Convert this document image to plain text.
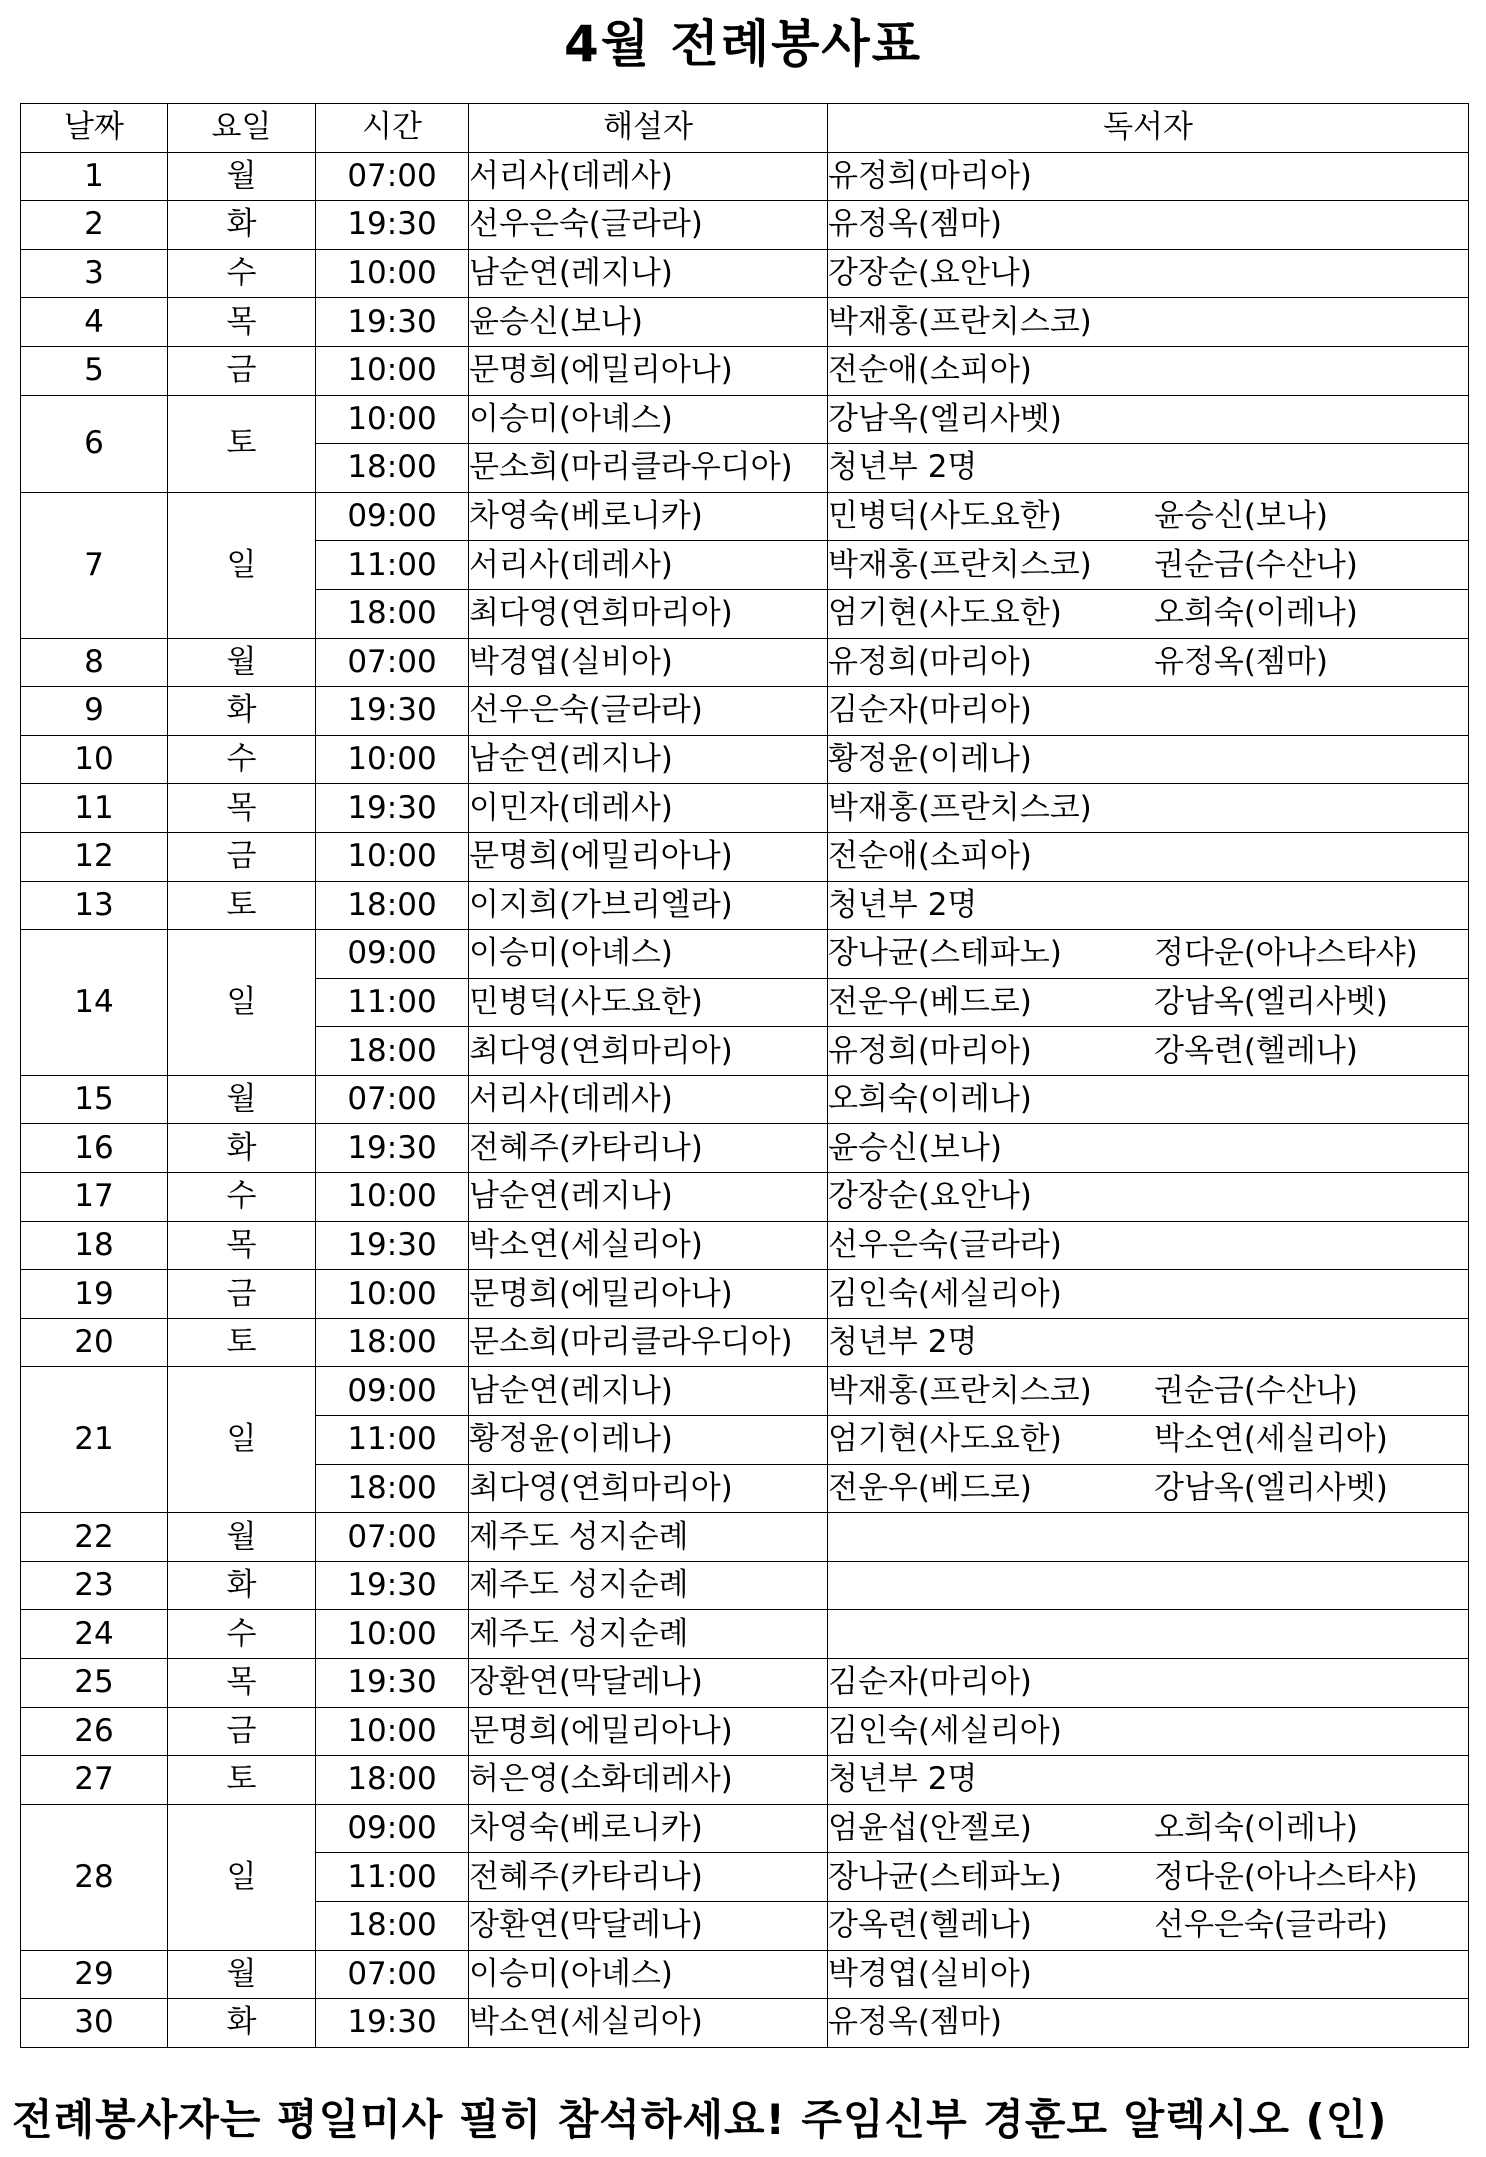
4월 전례봉사표
날짜	요일	시간	해설자	독서자
1	월	07:00	서리사(데레사)	유정희(마리아)
2	화	19:30	선우은숙(글라라)	유정옥(젬마)
3	수	10:00	남순연(레지나)	강장순(요안나)
4	목	19:30	윤승신(보나)	박재홍(프란치스코)
5	금	10:00	문명희(에밀리아나)	전순애(소피아)
6	토	10:00	이승미(아녜스)	강남옥(엘리사벳)
		18:00	문소희(마리클라우디아)	청년부 2명
7	일	09:00	차영숙(베로니카)	민병덕(사도요한) 윤승신(보나)
		11:00	서리사(데레사)	박재홍(프란치스코) 권순금(수산나)
		18:00	최다영(연희마리아)	엄기현(사도요한) 오희숙(이레나)
8	월	07:00	박경엽(실비아)	유정희(마리아) 유정옥(젬마)
9	화	19:30	선우은숙(글라라)	김순자(마리아)
10	수	10:00	남순연(레지나)	황정윤(이레나)
11	목	19:30	이민자(데레사)	박재홍(프란치스코)
12	금	10:00	문명희(에밀리아나)	전순애(소피아)
13	토	18:00	이지희(가브리엘라)	청년부 2명
14	일	09:00	이승미(아녜스)	장나균(스테파노) 정다운(아나스타샤)
		11:00	민병덕(사도요한)	전운우(베드로) 강남옥(엘리사벳)
		18:00	최다영(연희마리아)	유정희(마리아) 강옥련(헬레나)
15	월	07:00	서리사(데레사)	오희숙(이레나)
16	화	19:30	전혜주(카타리나)	윤승신(보나)
17	수	10:00	남순연(레지나)	강장순(요안나)
18	목	19:30	박소연(세실리아)	선우은숙(글라라)
19	금	10:00	문명희(에밀리아나)	김인숙(세실리아)
20	토	18:00	문소희(마리클라우디아)	청년부 2명
21	일	09:00	남순연(레지나)	박재홍(프란치스코) 권순금(수산나)
		11:00	황정윤(이레나)	엄기현(사도요한) 박소연(세실리아)
		18:00	최다영(연희마리아)	전운우(베드로) 강남옥(엘리사벳)
22	월	07:00	제주도 성지순례	
23	화	19:30	제주도 성지순례	
24	수	10:00	제주도 성지순례	
25	목	19:30	장환연(막달레나)	김순자(마리아)
26	금	10:00	문명희(에밀리아나)	김인숙(세실리아)
27	토	18:00	허은영(소화데레사)	청년부 2명
28	일	09:00	차영숙(베로니카)	엄윤섭(안젤로) 오희숙(이레나)
		11:00	전혜주(카타리나)	장나균(스테파노) 정다운(아나스타샤)
		18:00	장환연(막달레나)	강옥련(헬레나) 선우은숙(글라라)
29	월	07:00	이승미(아녜스)	박경엽(실비아)
30	화	19:30	박소연(세실리아)	유정옥(젬마)
전례봉사자는 평일미사 필히 참석하세요! 주임신부 경훈모 알렉시오 (인)
